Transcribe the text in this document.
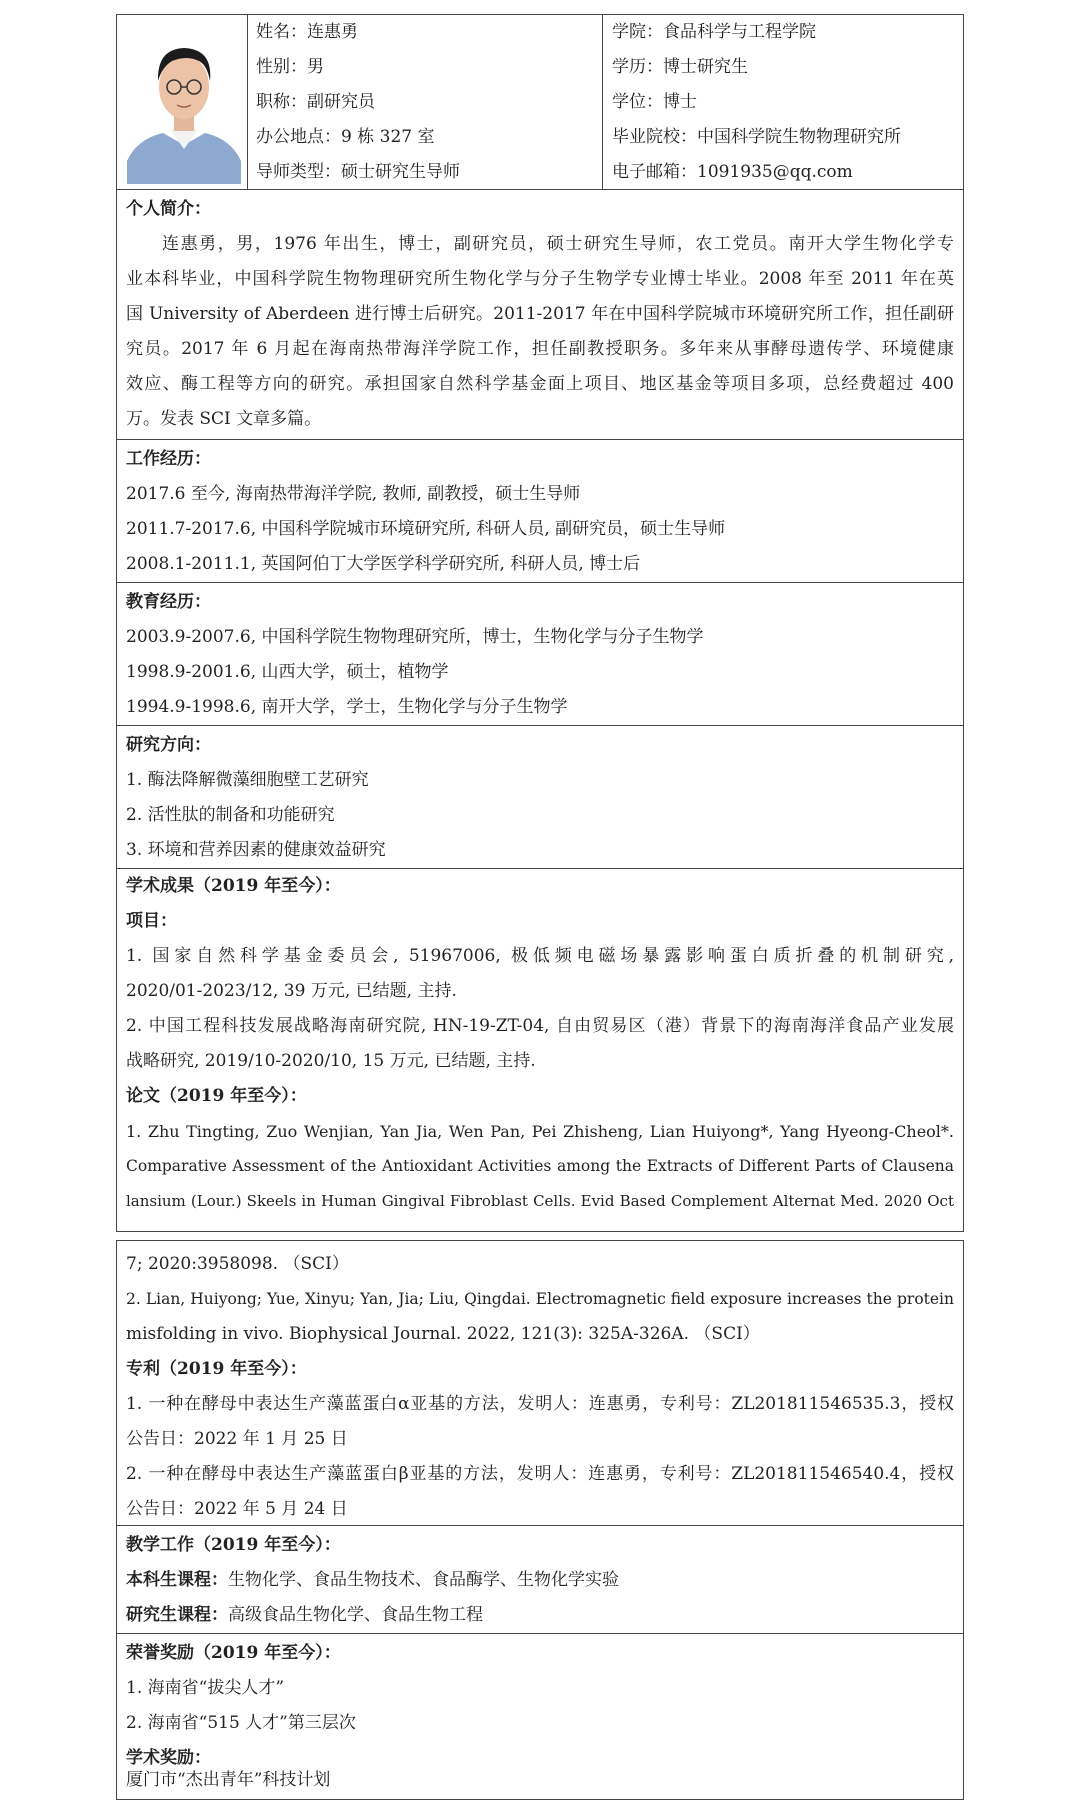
姓名：连惠勇
性别：男
职称：副研究员
办公地点：9 栋 327 室
导师类型：硕士研究生导师
学院：食品科学与工程学院
学历：博士研究生
学位：博士
毕业院校：中国科学院生物物理研究所
电子邮箱：1091935@qq.com
个人简介：
连惠勇，男，1976 年出生，博士，副研究员，硕士研究生导师，农工党员。南开大学生物化学专
业本科毕业，中国科学院生物物理研究所生物化学与分子生物学专业博士毕业。2008 年至 2011 年在英
国 University of Aberdeen 进行博士后研究。2011-2017 年在中国科学院城市环境研究所工作，担任副研
究员。2017 年 6 月起在海南热带海洋学院工作，担任副教授职务。多年来从事酵母遗传学、环境健康
效应、酶工程等方向的研究。承担国家自然科学基金面上项目、地区基金等项目多项，总经费超过 400
万。发表 SCI 文章多篇。
工作经历：
2017.6 至今, 海南热带海洋学院, 教师, 副教授，硕士生导师
2011.7-2017.6, 中国科学院城市环境研究所, 科研人员, 副研究员，硕士生导师
2008.1-2011.1, 英国阿伯丁大学医学科学研究所, 科研人员, 博士后
教育经历：
2003.9-2007.6, 中国科学院生物物理研究所，博士，生物化学与分子生物学
1998.9-2001.6, 山西大学，硕士，植物学
1994.9-1998.6, 南开大学，学士，生物化学与分子生物学
研究方向：
1. 酶法降解微藻细胞壁工艺研究
2. 活性肽的制备和功能研究
3. 环境和营养因素的健康效益研究
学术成果（2019 年至今）：
项目：
1. 国家自然科学基金委员会, 51967006, 极低频电磁场暴露影响蛋白质折叠的机制研究,
2020/01-2023/12, 39 万元, 已结题, 主持.
2. 中国工程科技发展战略海南研究院, HN-19-ZT-04, 自由贸易区（港）背景下的海南海洋食品产业发展
战略研究, 2019/10-2020/10, 15 万元, 已结题, 主持.
论文（2019 年至今）：
1. Zhu Tingting, Zuo Wenjian, Yan Jia, Wen Pan, Pei Zhisheng, Lian Huiyong*, Yang Hyeong-Cheol*.
Comparative Assessment of the Antioxidant Activities among the Extracts of Different Parts of Clausena
lansium (Lour.) Skeels in Human Gingival Fibroblast Cells. Evid Based Complement Alternat Med. 2020 Oct
7; 2020:3958098. （SCI）
2. Lian, Huiyong; Yue, Xinyu; Yan, Jia; Liu, Qingdai. Electromagnetic field exposure increases the protein
misfolding in vivo. Biophysical Journal. 2022, 121(3): 325A-326A. （SCI）
专利（2019 年至今）：
1. 一种在酵母中表达生产藻蓝蛋白α亚基的方法，发明人：连惠勇，专利号：ZL201811546535.3，授权
公告日：2022 年 1 月 25 日
2. 一种在酵母中表达生产藻蓝蛋白β亚基的方法，发明人：连惠勇，专利号：ZL201811546540.4，授权
公告日：2022 年 5 月 24 日
教学工作（2019 年至今）：
本科生课程：生物化学、食品生物技术、食品酶学、生物化学实验
研究生课程：高级食品生物化学、食品生物工程
荣誉奖励（2019 年至今）：
1. 海南省“拔尖人才”
2. 海南省“515 人才”第三层次
学术奖励：
厦门市“杰出青年”科技计划
